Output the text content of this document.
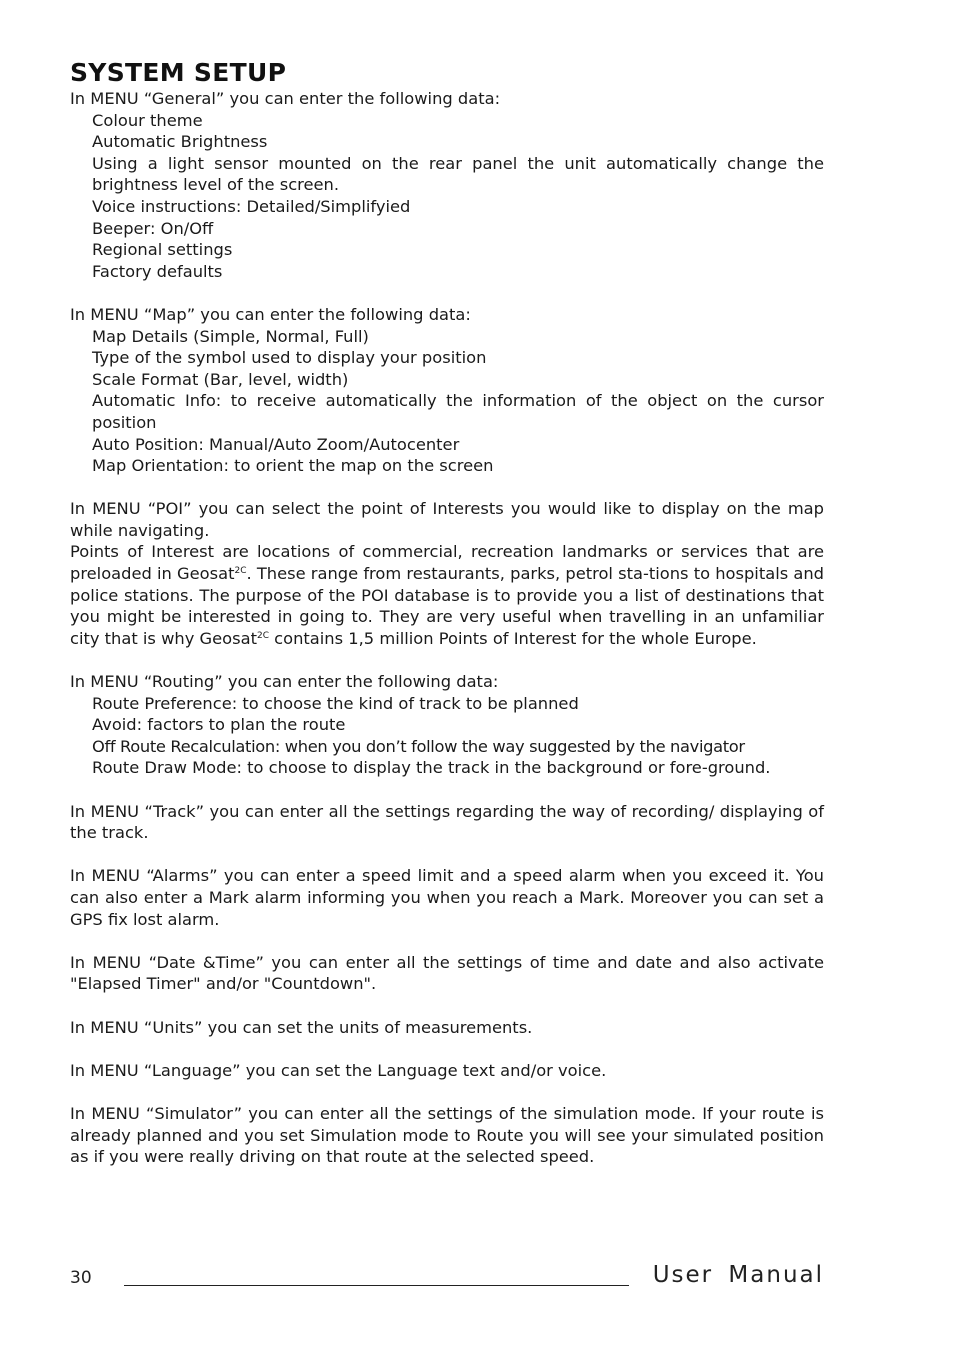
SYSTEM SETUP

In MENU “General” you can enter the following data:

Colour theme
Automatic Brightness
Using a light sensor mounted on the rear panel the unit automatically change the brightness level of the screen.
Voice instructions: Detailed/Simplifyied
Beeper: On/Off
Regional settings
Factory defaults

In MENU “Map” you can enter the following data:

Map Details (Simple, Normal, Full)
Type of the symbol used to display your position
Scale Format (Bar, level, width)
Automatic Info: to receive automatically the information of the object on the cursor position
Auto Position: Manual/Auto Zoom/Autocenter
Map Orientation: to orient the map on the screen

In MENU “POI” you can select the point of Interests you would like to display on the map while navigating.

Points of Interest are locations of commercial, recreation landmarks or services that are preloaded in Geosat$^{2C}$. These range from restaurants, parks, petrol sta-tions to hospitals and police stations. The purpose of the POI database is to provide you a list of destinations that you might be interested in going to. They are very useful when travelling in an unfamiliar city that is why Geosat$^{2C}$ contains 1,5 million Points of Interest for the whole Europe.

In MENU “Routing” you can enter the following data:

Route Preference: to choose the kind of track to be planned
Avoid: factors to plan the route
Off Route Recalculation: when you don’t follow the way suggested by the navigator
Route Draw Mode: to choose to display the track in the background or fore-ground.

In MENU “Track” you can enter all the settings regarding the way of recording/ displaying of the track.

In MENU “Alarms” you can enter a speed limit and a speed alarm when you exceed it. You can also enter a Mark alarm informing you when you reach a Mark. Moreover you can set a GPS fix lost alarm.

In MENU “Date &Time” you can enter all the settings of time and date and also activate "Elapsed Timer" and/or "Countdown".

In MENU “Units” you can set the units of measurements.

In MENU “Language” you can set the Language text and/or voice.

In MENU “Simulator” you can enter all the settings of the simulation mode. If your route is already planned and you set Simulation mode to Route you will see your simulated position as if you were really driving on that route at the selected speed.

30	User Manual
